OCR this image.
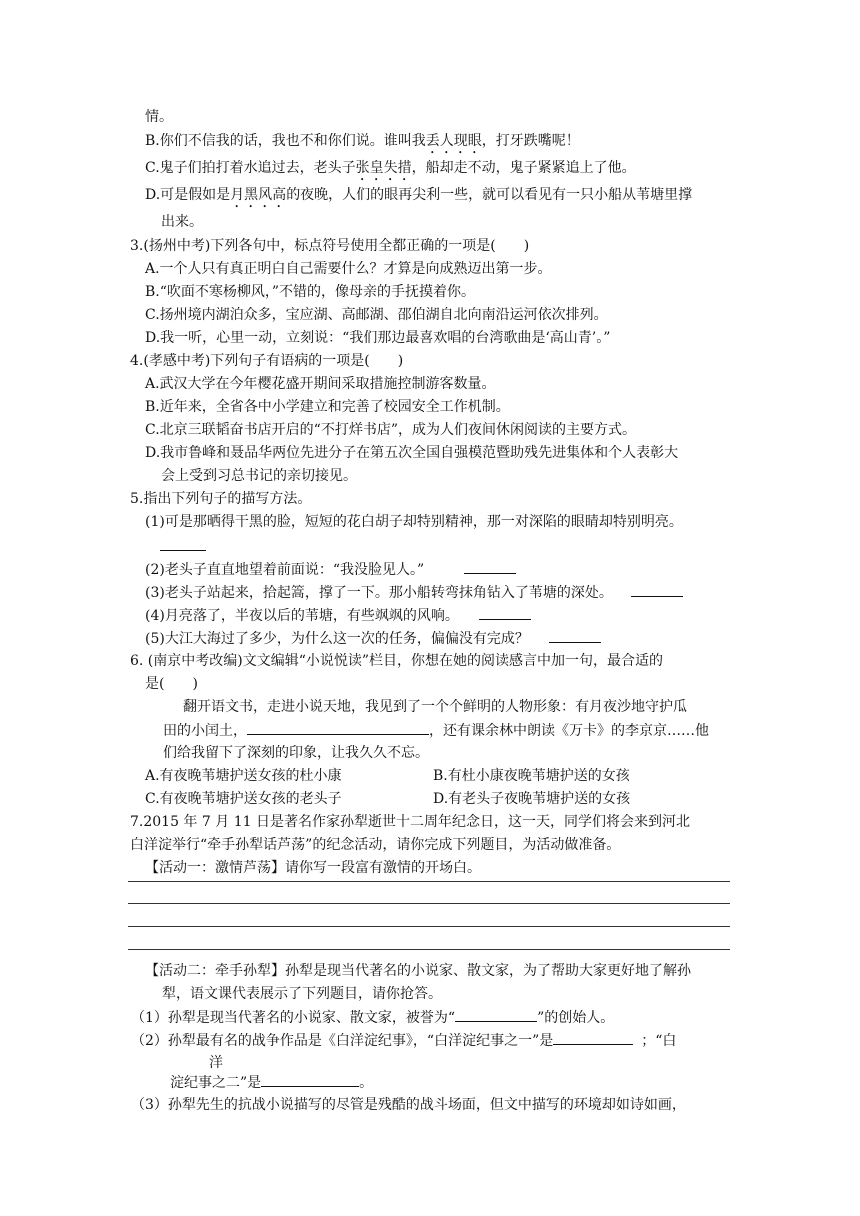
情。
B.你们不信我的话，我也不和你们说。谁叫我丢人现眼，打牙跌嘴呢！
C.鬼子们拍打着水追过去，老头子张皇失措，船却走不动，鬼子紧紧追上了他。
D.可是假如是月黑风高的夜晚，人们的眼再尖利一些，就可以看见有一只小船从苇塘里撑
出来。
3.(扬州中考)下列各句中，标点符号使用全都正确的一项是(　　)
A.一个人只有真正明白自己需要什么？才算是向成熟迈出第一步。
B.“吹面不寒杨柳风，”不错的，像母亲的手抚摸着你。
C.扬州境内湖泊众多，宝应湖、高邮湖、邵伯湖自北向南沿运河依次排列。
D.我一听，心里一动，立刻说：“我们那边最喜欢唱的台湾歌曲是‘高山青’。”
4.(孝感中考)下列句子有语病的一项是(　　)
A.武汉大学在今年樱花盛开期间采取措施控制游客数量。
B.近年来，全省各中小学建立和完善了校园安全工作机制。
C.北京三联韬奋书店开启的“不打烊书店”，成为人们夜间休闲阅读的主要方式。
D.我市鲁峰和聂品华两位先进分子在第五次全国自强模范暨助残先进集体和个人表彰大
会上受到习总书记的亲切接见。
5.指出下列句子的描写方法。
(1)可是那晒得干黑的脸，短短的花白胡子却特别精神，那一对深陷的眼睛却特别明亮。
(2)老头子直直地望着前面说：“我没脸见人。”
(3)老头子站起来，拾起篙，撑了一下。那小船转弯抹角钻入了苇塘的深处。
(4)月亮落了，半夜以后的苇塘，有些飒飒的风响。
(5)大江大海过了多少，为什么这一次的任务，偏偏没有完成？
6. (南京中考改编)文文编辑“小说悦读”栏目，你想在她的阅读感言中加一句，最合适的
是(　　)
翻开语文书，走进小说天地，我见到了一个个鲜明的人物形象：有月夜沙地守护瓜
田的小闰土，	，还有课余林中朗读《万卡》的李京京……他
们给我留下了深刻的印象，让我久久不忘。
A.有夜晚苇塘护送女孩的杜小康	B.有杜小康夜晚苇塘护送的女孩
C.有夜晚苇塘护送女孩的老头子	D.有老头子夜晚苇塘护送的女孩
7.2015 年 7 月 11 日是著名作家孙犁逝世十二周年纪念日，这一天，同学们将会来到河北
白洋淀举行“牵手孙犁话芦荡”的纪念活动，请你完成下列题目，为活动做准备。
【活动一：激情芦荡】请你写一段富有激情的开场白。
【活动二：牵手孙犁】孙犁是现当代著名的小说家、散文家，为了帮助大家更好地了解孙
犁，语文课代表展示了下列题目，请你抢答。
（1）孙犁是现当代著名的小说家、散文家，被誉为“	”的创始人。
（2）孙犁最有名的战争作品是《白洋淀纪事》，“白洋淀纪事之一”是	；“白
洋
淀纪事之二”是	。
（3）孙犁先生的抗战小说描写的尽管是残酷的战斗场面，但文中描写的环境却如诗如画，
